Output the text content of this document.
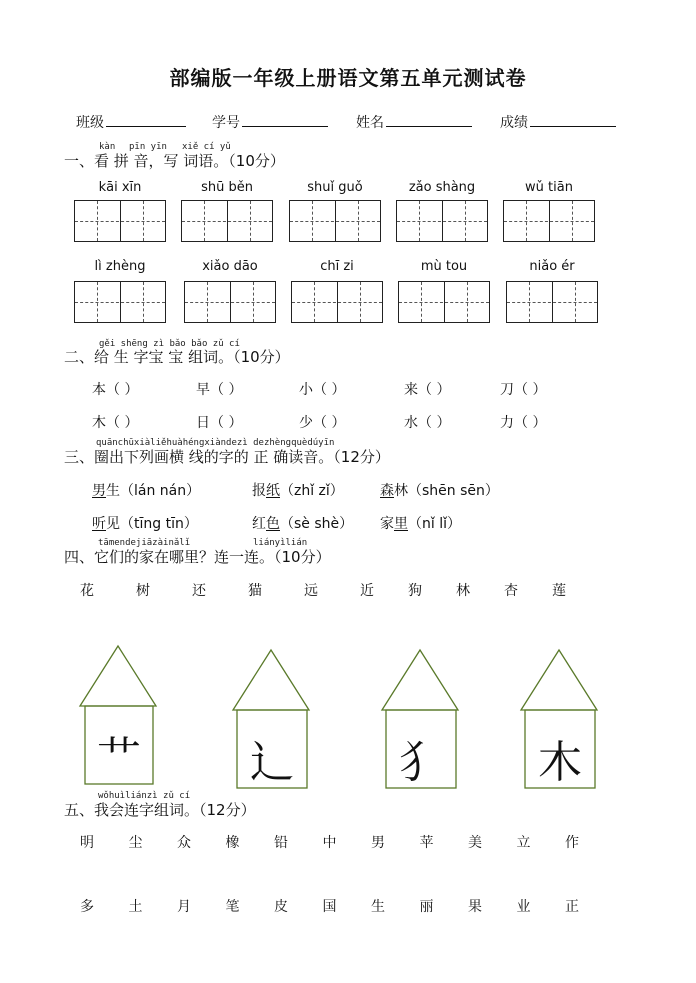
部编版一年级上册语文第五单元测试卷
班级	学号	姓名	成绩
kàn pīn yīn xiě cí yǔ
一、看 拼 音，写 词语。（10分）
kāi xīn	shū běn	shuǐ guǒ	zǎo shàng	wǔ tiān
lì zhèng	xiǎo dāo	chī zi	mù tou	niǎo ér
gěi shēng zì bǎo bǎo zǔ cí
二、给 生 字宝 宝 组词。（10分）
本（ ）	早（ ）	小（ ）	来（ ）	刀（ ）
木（ ）	日（ ）	少（ ）	水（ ）	力（ ）
quānchūxiàliěhuàhéngxiàndezì dezhèngquèdúyīn
三、圈出下列画横 线的字的 正 确读音。（12分）
男生（lán nán）	报纸（zhǐ zǐ）	森林（shēn sēn）
听见（tīng tīn）	红色（sè shè） 家里（nǐ lǐ）
tāmendejiāzàinǎlǐ	liányìlián
四、它们的家在哪里？连一连。（10分）
花	树	还	猫	远	近 狗 林 杏 莲
艹 辶 犭 木
wǒhuìliánzì zǔ cí
五、我会连字组词。（12分）
明 尘 众 橡 铅 中 男 苹 美 立 作
多 土 月 笔 皮 国 生 丽 果 业 正
